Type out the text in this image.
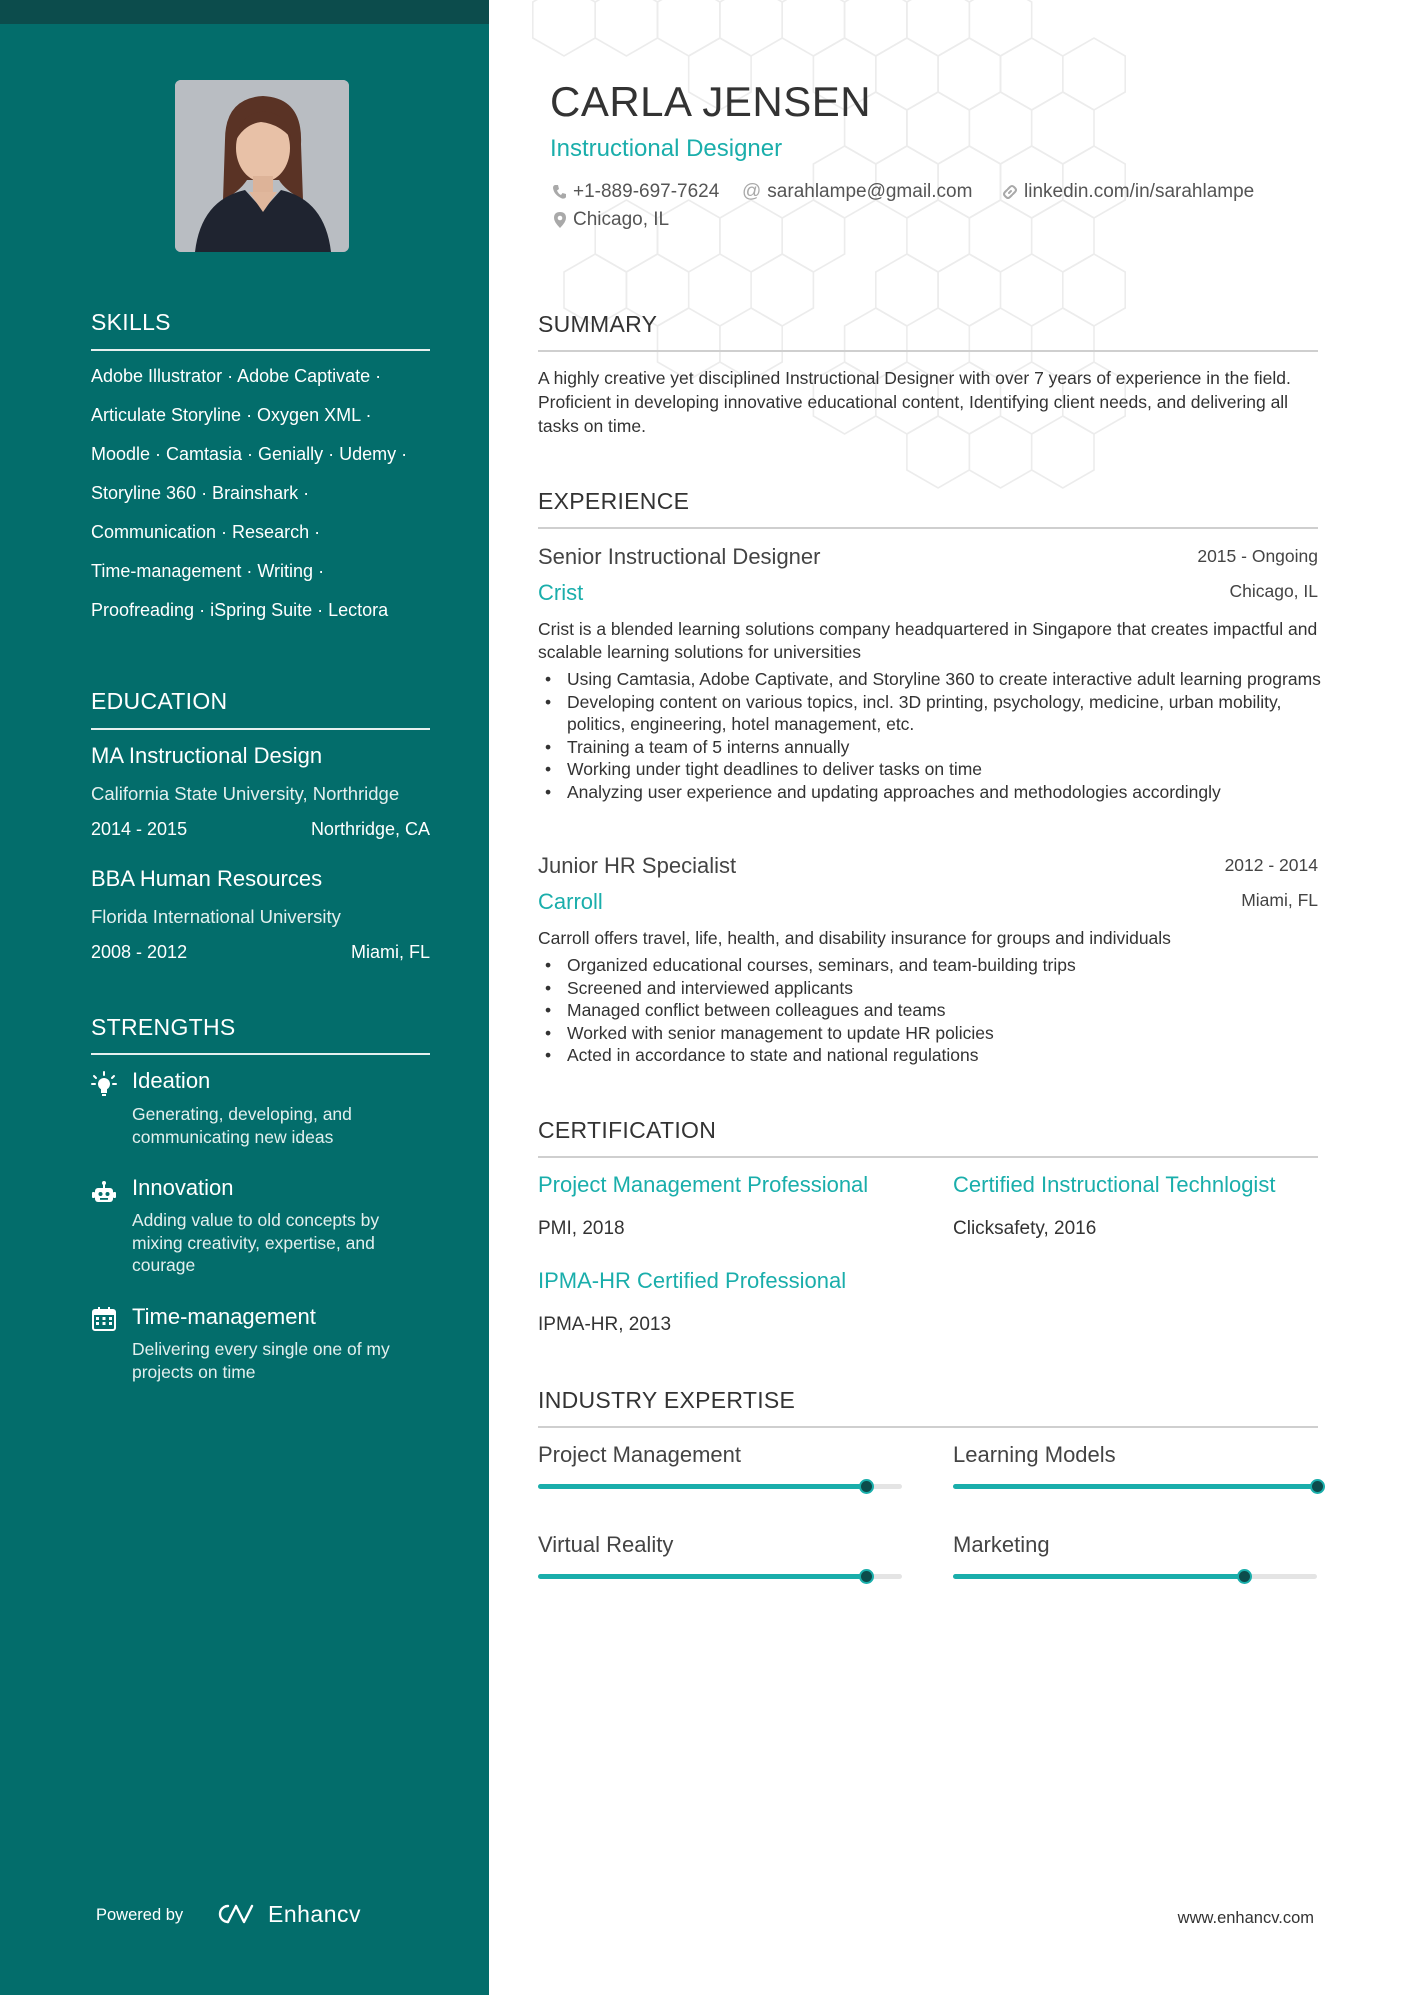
SKILLS
Adobe Illustrator · Adobe Captivate ·
Articulate Storyline · Oxygen XML ·
Moodle · Camtasia · Genially · Udemy ·
Storyline 360 · Brainshark ·
Communication · Research ·
Time-management · Writing ·
Proofreading · iSpring Suite · Lectora
EDUCATION
MA Instructional Design
California State University, Northridge
2014 - 2015	Northridge, CA
BBA Human Resources
Florida International University
2008 - 2012	Miami, FL
STRENGTHS
Ideation
Generating, developing, and communicating new ideas
Innovation
Adding value to old concepts by mixing creativity, expertise, and courage
Time-management
Delivering every single one of my projects on time
Powered by	Enhancv
CARLA JENSEN
Instructional Designer
+1-889-697-7624 @ sarahlampe@gmail.com	linkedin.com/in/sarahlampe
Chicago, IL
SUMMARY
A highly creative yet disciplined Instructional Designer with over 7 years of experience in the field. Proficient in developing innovative educational content, Identifying client needs, and delivering all tasks on time.
EXPERIENCE
Senior Instructional Designer	2015 - Ongoing
Crist	Chicago, IL
Crist is a blended learning solutions company headquartered in Singapore that creates impactful and scalable learning solutions for universities
• Using Camtasia, Adobe Captivate, and Storyline 360 to create interactive adult learning programs
• Developing content on various topics, incl. 3D printing, psychology, medicine, urban mobility, politics, engineering, hotel management, etc.
• Training a team of 5 interns annually
• Working under tight deadlines to deliver tasks on time
• Analyzing user experience and updating approaches and methodologies accordingly
Junior HR Specialist	2012 - 2014
Carroll	Miami, FL
Carroll offers travel, life, health, and disability insurance for groups and individuals
• Organized educational courses, seminars, and team-building trips
• Screened and interviewed applicants
• Managed conflict between colleagues and teams
• Worked with senior management to update HR policies
• Acted in accordance to state and national regulations
CERTIFICATION
Project Management Professional
PMI, 2018
Certified Instructional Technlogist
Clicksafety, 2016
IPMA-HR Certified Professional
IPMA-HR, 2013
INDUSTRY EXPERTISE
Project Management	Learning Models
Virtual Reality	Marketing
www.enhancv.com
